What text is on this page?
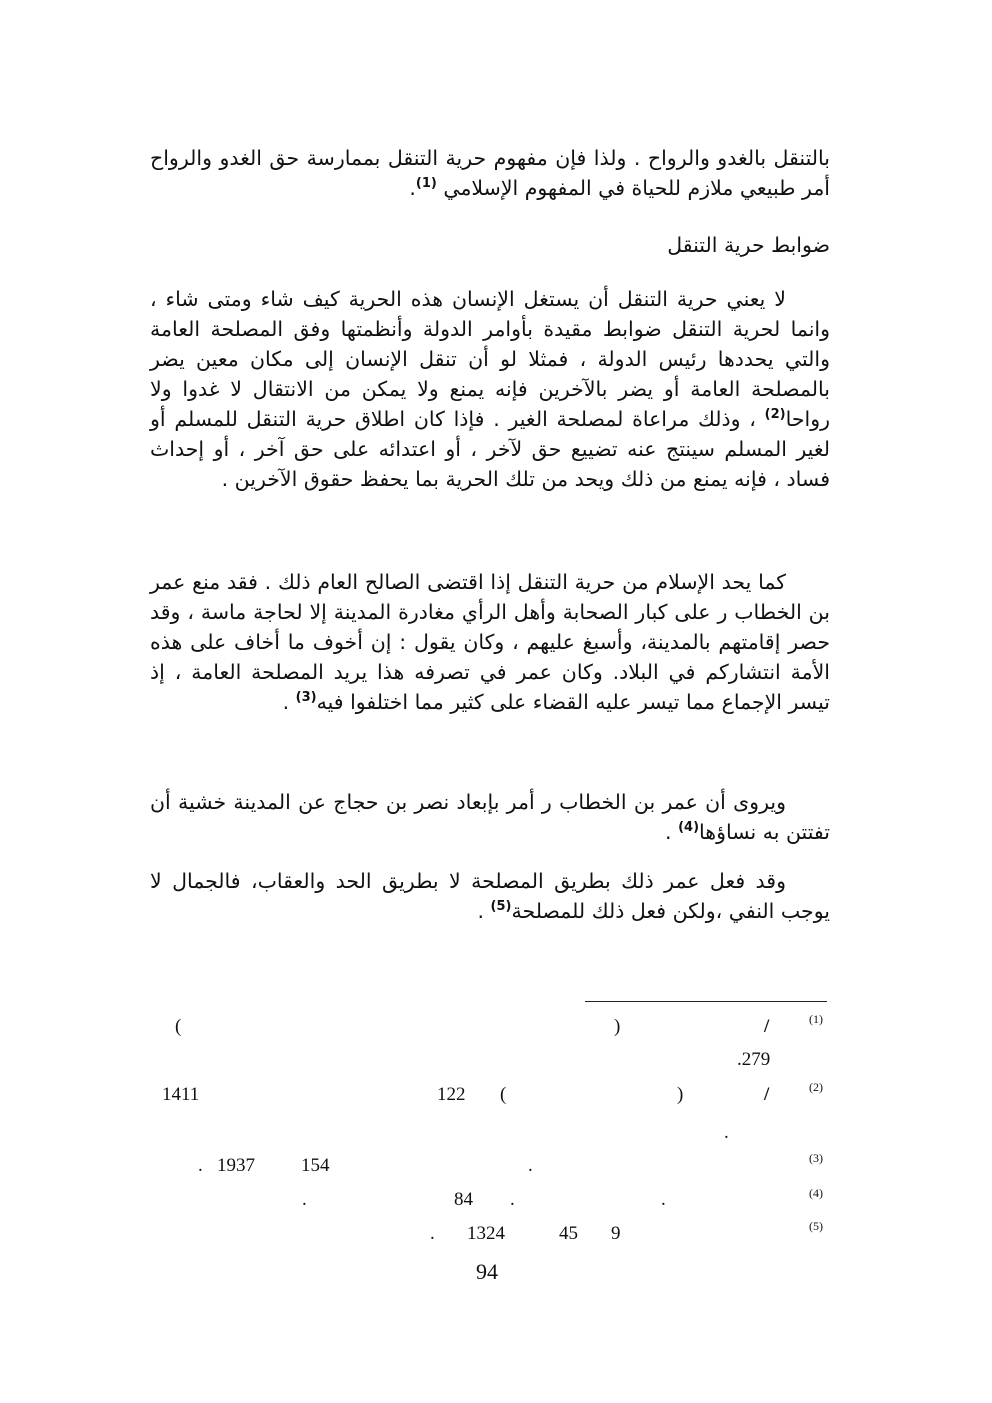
بالتنقل بالغدو والرواح . ولذا فإن مفهوم حرية التنقل بممارسة حق الغدو والرواح أمر طبيعي ملازم للحياة في المفهوم الإسلامي $^{(1)}$.

ضوابط حرية التنقل

لا يعني حرية التنقل أن يستغل الإنسان هذه الحرية كيف شاء ومتى شاء ، وانما لحرية التنقل ضوابط مقيدة بأوامر الدولة وأنظمتها وفق المصلحة العامة والتي يحددها رئيس الدولة ، فمثلا لو أن تنقل الإنسان إلى مكان معين يضر بالمصلحة العامة أو يضر بالآخرين فإنه يمنع ولا يمكن من الانتقال لا غدوا ولا رواحا$^{(2)}$ ، وذلك مراعاة لمصلحة الغير . فإذا كان اطلاق حرية التنقل للمسلم أو لغير المسلم سينتج عنه تضييع حق لآخر ، أو اعتدائه على حق آخر ، أو إحداث فساد ، فإنه يمنع من ذلك ويحد من تلك الحرية بما يحفظ حقوق الآخرين .

كما يحد الإسلام من حرية التنقل إذا اقتضى الصالح العام ذلك . فقد منع عمر بن الخطاب ر على كبار الصحابة وأهل الرأي مغادرة المدينة إلا لحاجة ماسة ، وقد حصر إقامتهم بالمدينة، وأسبغ عليهم ، وكان يقول : إن أخوف ما أخاف على هذه الأمة انتشاركم في البلاد. وكان عمر في تصرفه هذا يريد المصلحة العامة ، إذ تيسر الإجماع مما تيسر عليه القضاء على كثير مما اختلفوا فيه$^{(3)}$ .

ويروى أن عمر بن الخطاب ر أمر بإبعاد نصر بن حجاج عن المدينة خشية أن تفتتن به نساؤها$^{(4)}$ .

وقد فعل عمر ذلك بطريق المصلحة لا بطريق الحد والعقاب، فالجمال لا يوجب النفي ،ولكن فعل ذلك للمصلحة$^{(5)}$ .

(1)
/
)
(
.279
(2)
/
)
(
122
1411
.
(3)
.
154
1937
.
(4)
.
.
84
.
(5)
9
45
1324
.
94
